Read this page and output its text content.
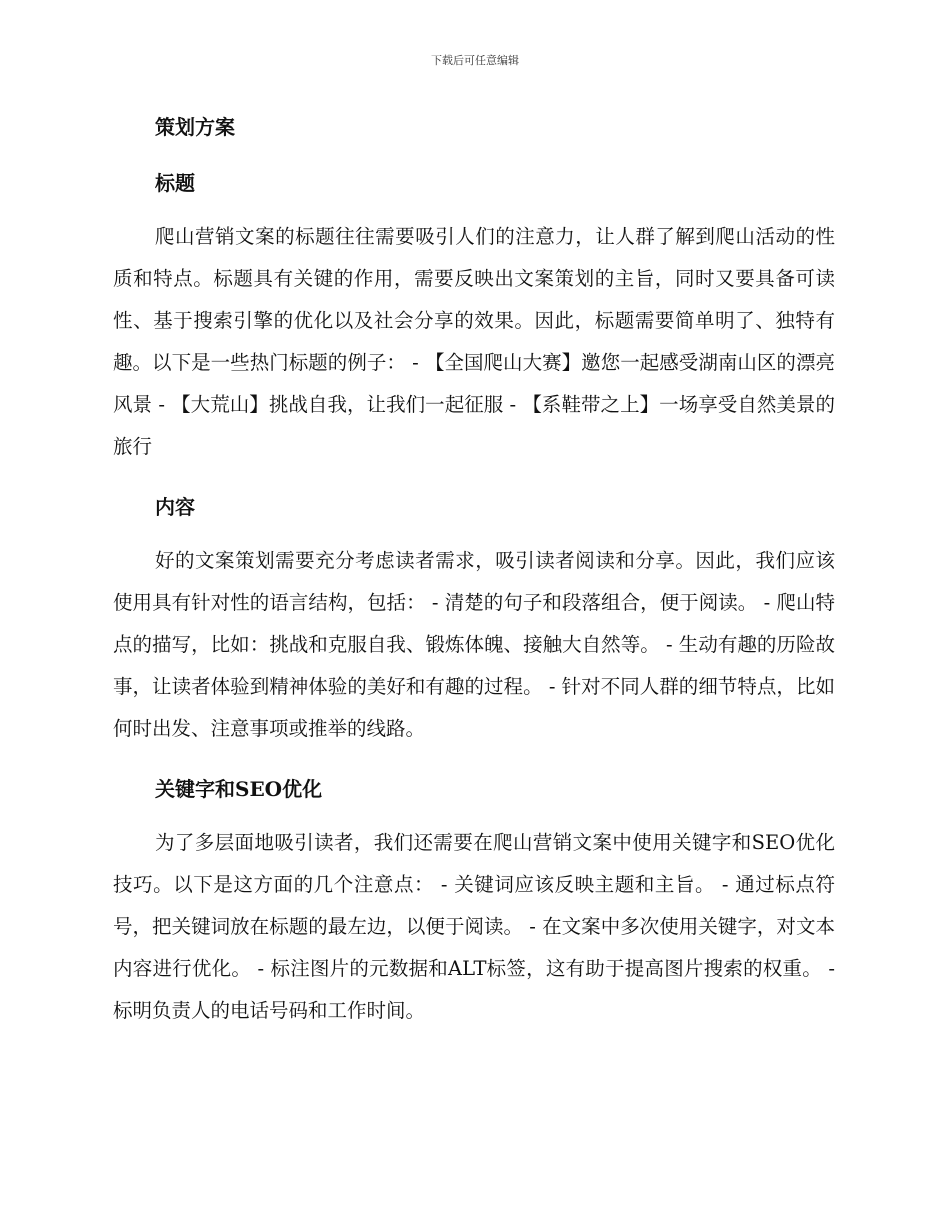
下载后可任意编辑
策划方案
标题

爬山营销文案的标题往往需要吸引人们的注意力，让人群了解到爬山活动的性质和特点。标题具有关键的作用，需要反映出文案策划的主旨，同时又要具备可读性、基于搜索引擎的优化以及社会分享的效果。因此，标题需要简单明了、独特有趣。以下是一些热门标题的例子： - 【全国爬山大赛】邀您一起感受湖南山区的漂亮风景 - 【大荒山】挑战自我，让我们一起征服 - 【系鞋带之上】一场享受自然美景的旅行

内容

好的文案策划需要充分考虑读者需求，吸引读者阅读和分享。因此，我们应该使用具有针对性的语言结构，包括： - 清楚的句子和段落组合，便于阅读。 - 爬山特点的描写，比如：挑战和克服自我、锻炼体魄、接触大自然等。 - 生动有趣的历险故事，让读者体验到精神体验的美好和有趣的过程。 - 针对不同人群的细节特点，比如何时出发、注意事项或推举的线路。

关键字和SEO优化

为了多层面地吸引读者，我们还需要在爬山营销文案中使用关键字和SEO优化技巧。以下是这方面的几个注意点： - 关键词应该反映主题和主旨。 - 通过标点符号，把关键词放在标题的最左边，以便于阅读。 - 在文案中多次使用关键字，对文本内容进行优化。 - 标注图片的元数据和ALT标签，这有助于提高图片搜索的权重。 - 标明负责人的电话号码和工作时间。
